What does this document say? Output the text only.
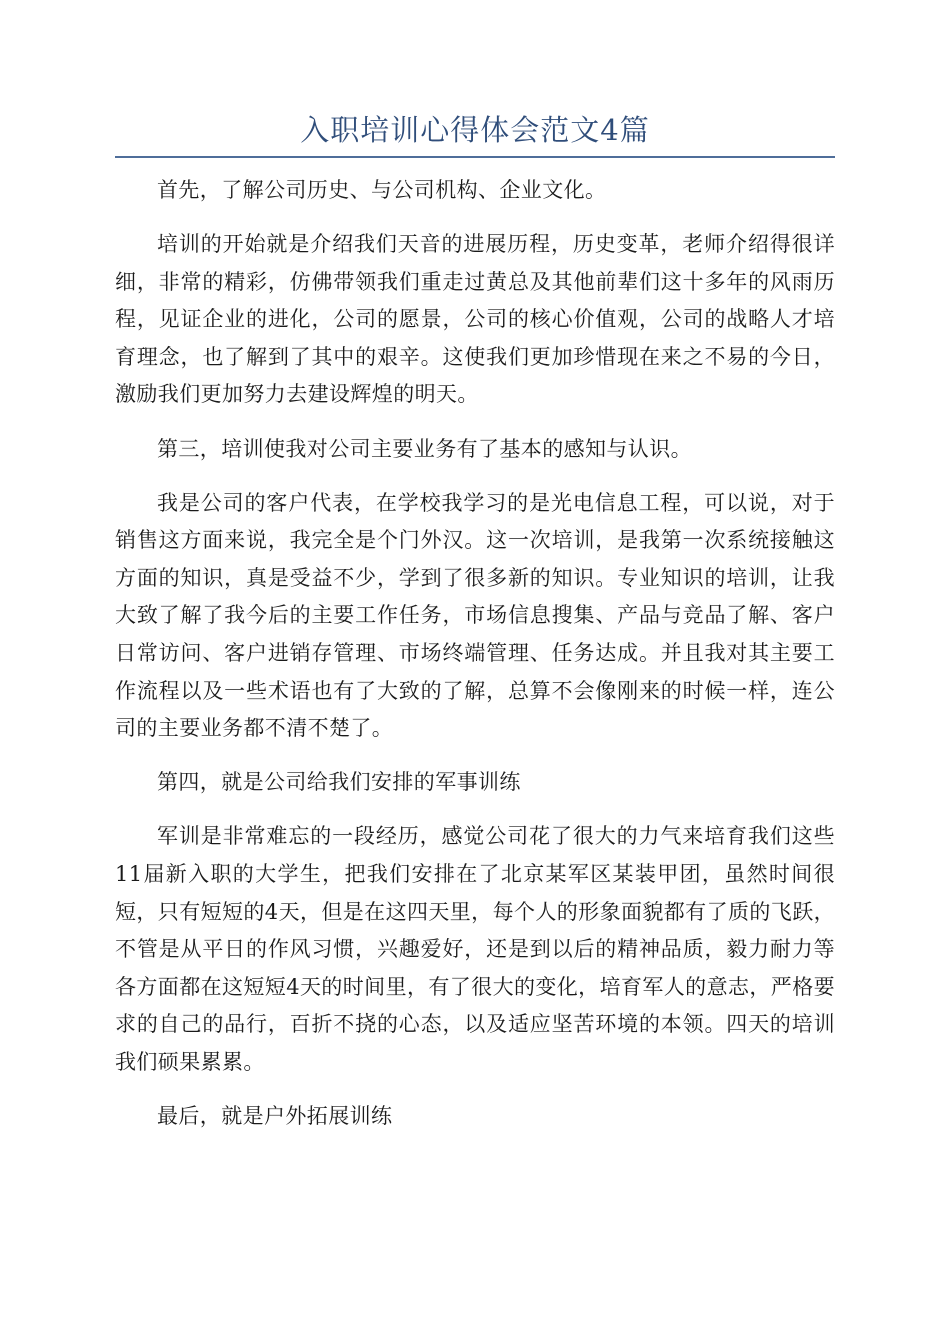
入职培训心得体会范文4篇

首先，了解公司历史、与公司机构、企业文化。

培训的开始就是介绍我们天音的进展历程，历史变革，老师介绍得很详细，非常的精彩，仿佛带领我们重走过黄总及其他前辈们这十多年的风雨历程，见证企业的进化，公司的愿景，公司的核心价值观，公司的战略人才培育理念，也了解到了其中的艰辛。这使我们更加珍惜现在来之不易的今日，激励我们更加努力去建设辉煌的明天。

第三，培训使我对公司主要业务有了基本的感知与认识。

我是公司的客户代表，在学校我学习的是光电信息工程，可以说，对于销售这方面来说，我完全是个门外汉。这一次培训，是我第一次系统接触这方面的知识，真是受益不少，学到了很多新的知识。专业知识的培训，让我大致了解了我今后的主要工作任务，市场信息搜集、产品与竞品了解、客户日常访问、客户进销存管理、市场终端管理、任务达成。并且我对其主要工作流程以及一些术语也有了大致的了解，总算不会像刚来的时候一样，连公司的主要业务都不清不楚了。

第四，就是公司给我们安排的军事训练

军训是非常难忘的一段经历，感觉公司花了很大的力气来培育我们这些11届新入职的大学生，把我们安排在了北京某军区某装甲团，虽然时间很短，只有短短的4天，但是在这四天里，每个人的形象面貌都有了质的飞跃，不管是从平日的作风习惯，兴趣爱好，还是到以后的精神品质，毅力耐力等各方面都在这短短4天的时间里，有了很大的变化，培育军人的意志，严格要求的自己的品行，百折不挠的心态，以及适应坚苦环境的本领。四天的培训我们硕果累累。

最后，就是户外拓展训练
